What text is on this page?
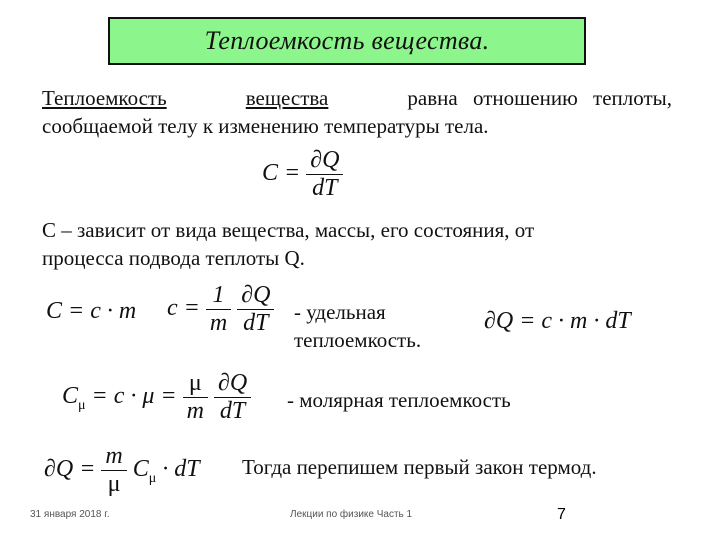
Теплоемкость вещества.
Теплоемкость	вещества	равна отношению теплоты,
сообщаемой телу к изменению температуры тела.
$C = \frac{\partial Q}{dT}$
С – зависит от вида вещества, массы, его состояния, от
процесса подвода теплоты Q.
C = c · m $c = \frac{1}{m}$
$\frac{\partial Q}{dT}$ - удельная
теплоемкость.
∂Q = c · m · dT
$C_\mu = c \cdot \mu = \frac{\mu}{m}$
$\frac{\partial Q}{dT}$ - молярная теплоемкость
$\partial Q = \frac{m}{\mu} C_\mu$ · dT Тогда перепишем первый закон термод.
31 января 2018 г.	Лекции по физике Часть 1	7
